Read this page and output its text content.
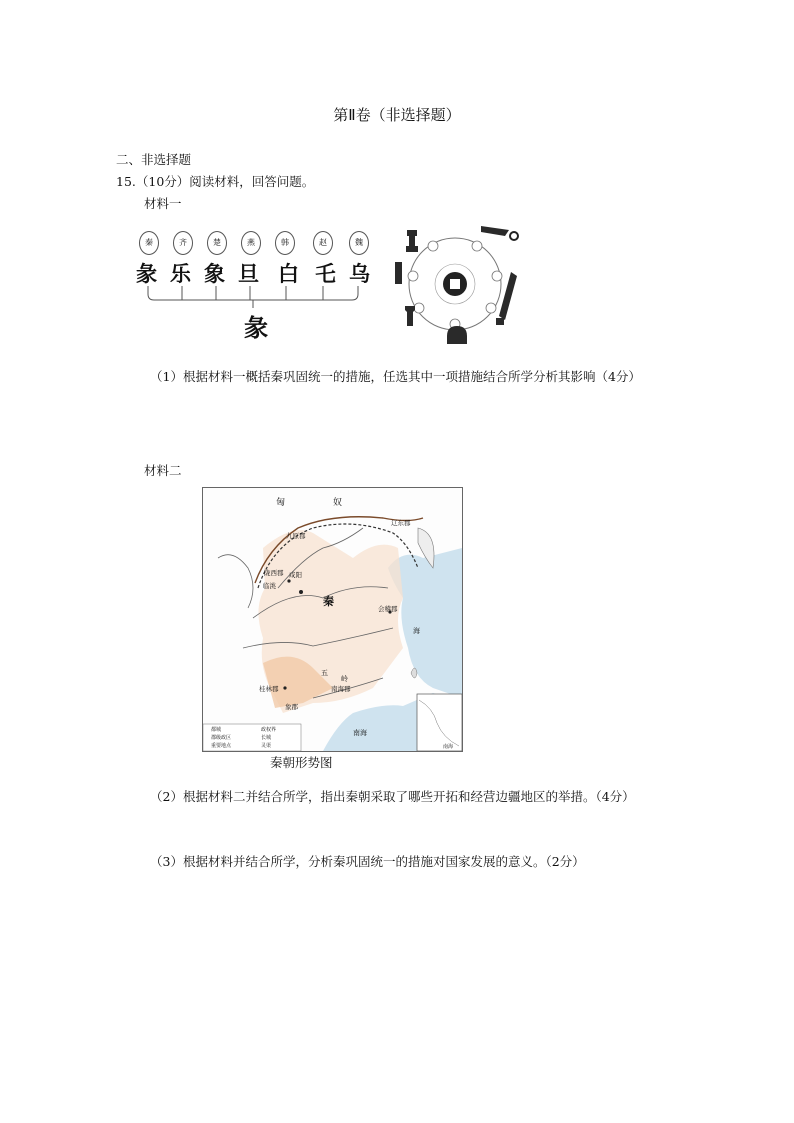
第Ⅱ卷（非选择题）
二、非选择题
15.（10分）阅读材料，回答问题。
材料一
秦	齐	楚	燕	韩	赵	魏
彖 乐 象 旦 白 乇 乌
彖
秦
（1）根据材料一概括秦巩固统一的措施，任选其中一项措施结合所学分析其影响（4分）
材料二
匈	奴
辽东郡
九原郡
陇西郡
临洮
咸阳
秦
会稽郡
桂林郡	南海郡
象郡
五
岭
南海
海
都城
郡级政区
重要地点
政权界
长城
灵渠	南海
秦朝形势图
（2）根据材料二并结合所学，指出秦朝采取了哪些开拓和经营边疆地区的举措。（4分）
（3）根据材料并结合所学，分析秦巩固统一的措施对国家发展的意义。（2分）
